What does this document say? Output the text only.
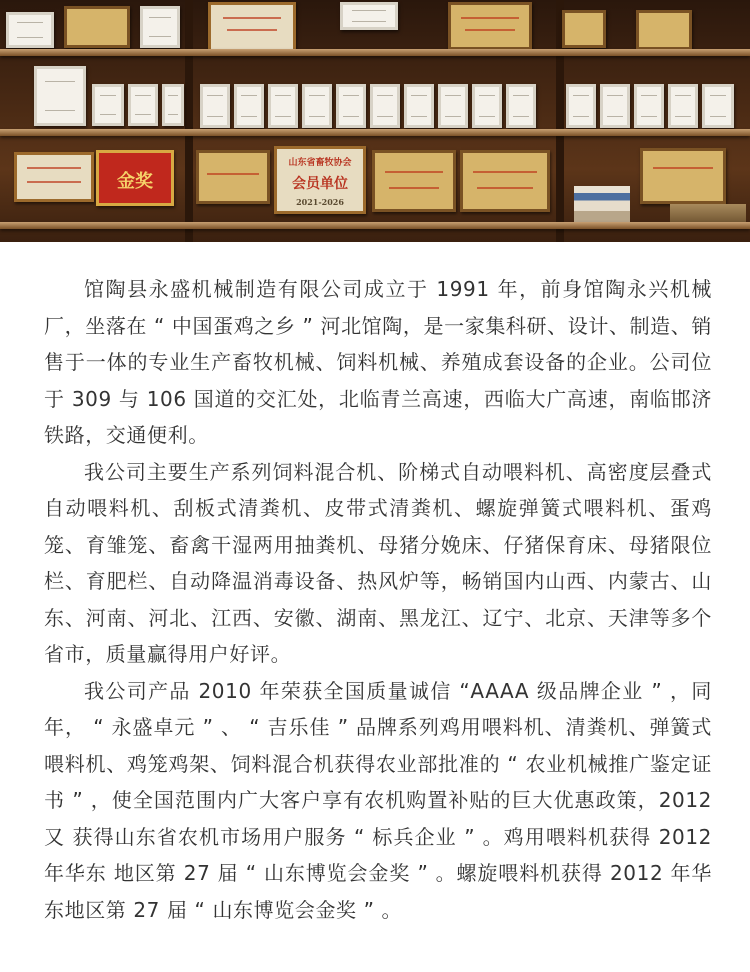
金奖
山东省畜牧协会
会员单位
2021-2026

馆陶县永盛机械制造有限公司成立于 1991 年，前身馆陶永兴机械厂，坐落在 “ 中国蛋鸡之乡 ” 河北馆陶，是一家集科研、设计、制造、销售于一体的专业生产畜牧机械、饲料机械、养殖成套设备的企业。公司位于 309 与 106 国道的交汇处，北临青兰高速，西临大广高速，南临邯济铁路，交通便利。

我公司主要生产系列饲料混合机、阶梯式自动喂料机、高密度层叠式自动喂料机、刮板式清粪机、皮带式清粪机、螺旋弹簧式喂料机、蛋鸡笼、育雏笼、畜禽干湿两用抽粪机、母猪分娩床、仔猪保育床、母猪限位栏、育肥栏、自动降温消毒设备、热风炉等，畅销国内山西、内蒙古、山东、河南、河北、江西、安徽、湖南、黑龙江、辽宁、北京、天津等多个省市，质量赢得用户好评。

我公司产品 2010 年荣获全国质量诚信 “AAAA 级品牌企业 ” ，同年， “ 永盛卓元 ” 、 “ 吉乐佳 ” 品牌系列鸡用喂料机、清粪机、弹簧式 喂料机、鸡笼鸡架、饲料混合机获得农业部批准的 “ 农业机械推广鉴定证 书 ” ，使全国范围内广大客户享有农机购置补贴的巨大优惠政策，2012 又 获得山东省农机市场用户服务 “ 标兵企业 ” 。鸡用喂料机获得 2012 年华东 地区第 27 届 “ 山东博览会金奖 ” 。螺旋喂料机获得 2012 年华东地区第 27 届 “ 山东博览会金奖 ” 。
